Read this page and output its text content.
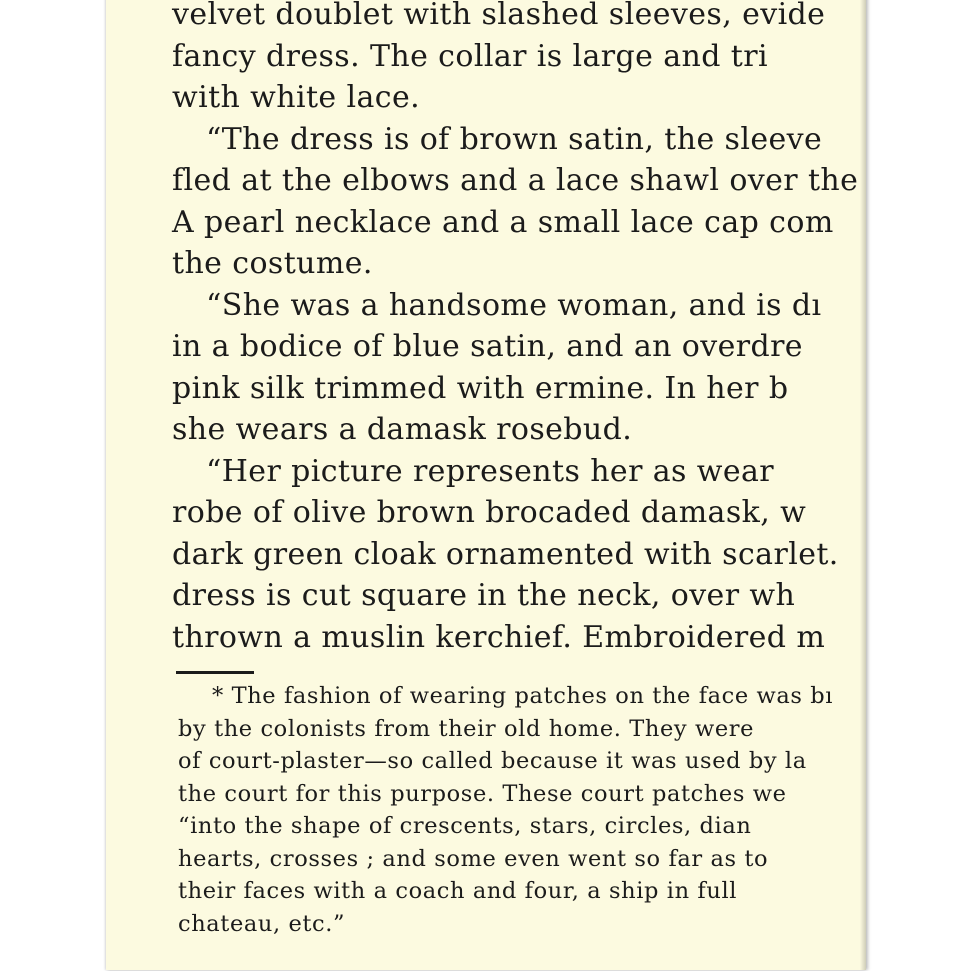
velvet doublet with slashed sleeves, evide
fancy dress. The collar is large and tri
with white lace.
“The dress is of brown satin, the sleeve
fled at the elbows and a lace shawl over the
A pearl necklace and a small lace cap com
the costume.
“She was a handsome woman, and is dı
in a bodice of blue satin, and an overdre
pink silk trimmed with ermine. In her b
she wears a damask rosebud.
“Her picture represents her as wear
robe of olive brown brocaded damask, w
dark green cloak ornamented with scarlet.
dress is cut square in the neck, over wh
thrown a muslin kerchief. Embroidered m
* The fashion of wearing patches on the face was bı
by the colonists from their old home. They were
of court-plaster—so called because it was used by la
the court for this purpose. These court patches we
“into the shape of crescents, stars, circles, dian
hearts, crosses ; and some even went so far as to
their faces with a coach and four, a ship in full
chateau, etc.”
